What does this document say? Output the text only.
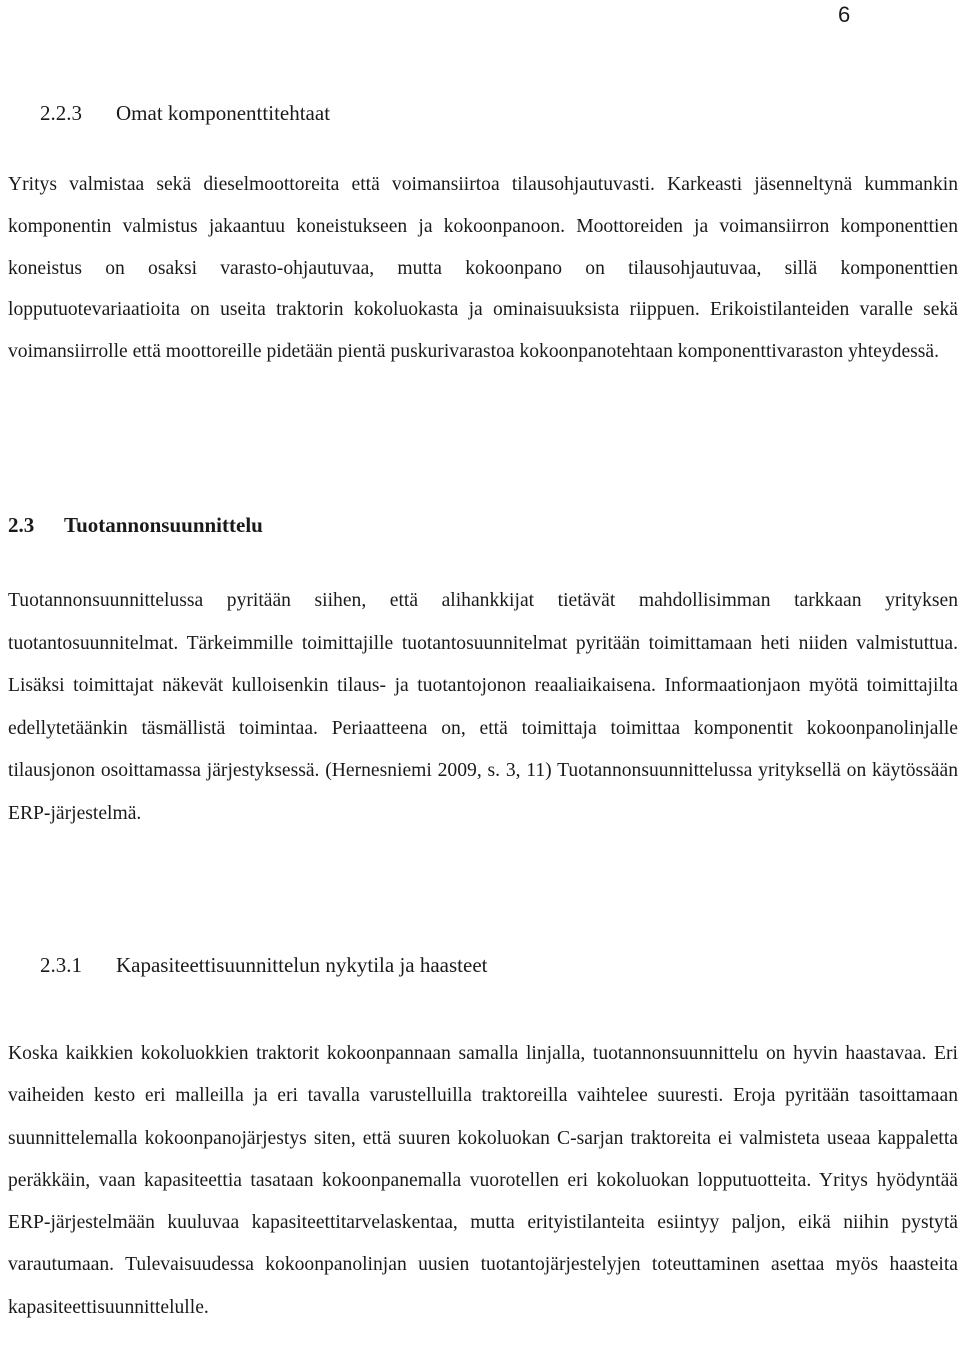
6
2.2.3 Omat komponenttitehtaat

Yritys valmistaa sekä dieselmoottoreita että voimansiirtoa tilausohjautuvasti. Karkeasti jäsenneltynä kummankin komponentin valmistus jakaantuu koneistukseen ja kokoonpanoon. Moottoreiden ja voimansiirron komponenttien koneistus on osaksi varasto-ohjautuvaa, mutta kokoonpano on tilausohjautuvaa, sillä komponenttien lopputuotevariaatioita on useita traktorin kokoluokasta ja ominaisuuksista riippuen. Erikoistilanteiden varalle sekä voimansiirrolle että moottoreille pidetään pientä puskurivarastoa kokoonpanotehtaan komponenttivaraston yhteydessä.

2.3 Tuotannonsuunnittelu

Tuotannonsuunnittelussa pyritään siihen, että alihankkijat tietävät mahdollisimman tarkkaan yrityksen tuotantosuunnitelmat. Tärkeimmille toimittajille tuotantosuunnitelmat pyritään toimittamaan heti niiden valmistuttua. Lisäksi toimittajat näkevät kulloisenkin tilaus- ja tuotantojonon reaaliaikaisena. Informaationjaon myötä toimittajilta edellytetäänkin täsmällistä toimintaa. Periaatteena on, että toimittaja toimittaa komponentit kokoonpanolinjalle tilausjonon osoittamassa järjestyksessä. (Hernesniemi 2009, s. 3, 11) Tuotannonsuunnittelussa yrityksellä on käytössään ERP-järjestelmä.

2.3.1 Kapasiteettisuunnittelun nykytila ja haasteet

Koska kaikkien kokoluokkien traktorit kokoonpannaan samalla linjalla, tuotannonsuunnittelu on hyvin haastavaa. Eri vaiheiden kesto eri malleilla ja eri tavalla varustelluilla traktoreilla vaihtelee suuresti. Eroja pyritään tasoittamaan suunnittelemalla kokoonpanojärjestys siten, että suuren kokoluokan C-sarjan traktoreita ei valmisteta useaa kappaletta peräkkäin, vaan kapasiteettia tasataan kokoonpanemalla vuorotellen eri kokoluokan lopputuotteita. Yritys hyödyntää ERP-järjestelmään kuuluvaa kapasiteettitarvelaskentaa, mutta erityistilanteita esiintyy paljon, eikä niihin pystytä varautumaan. Tulevaisuudessa kokoonpanolinjan uusien tuotantojärjestelyjen toteuttaminen asettaa myös haasteita kapasiteettisuunnittelulle.
